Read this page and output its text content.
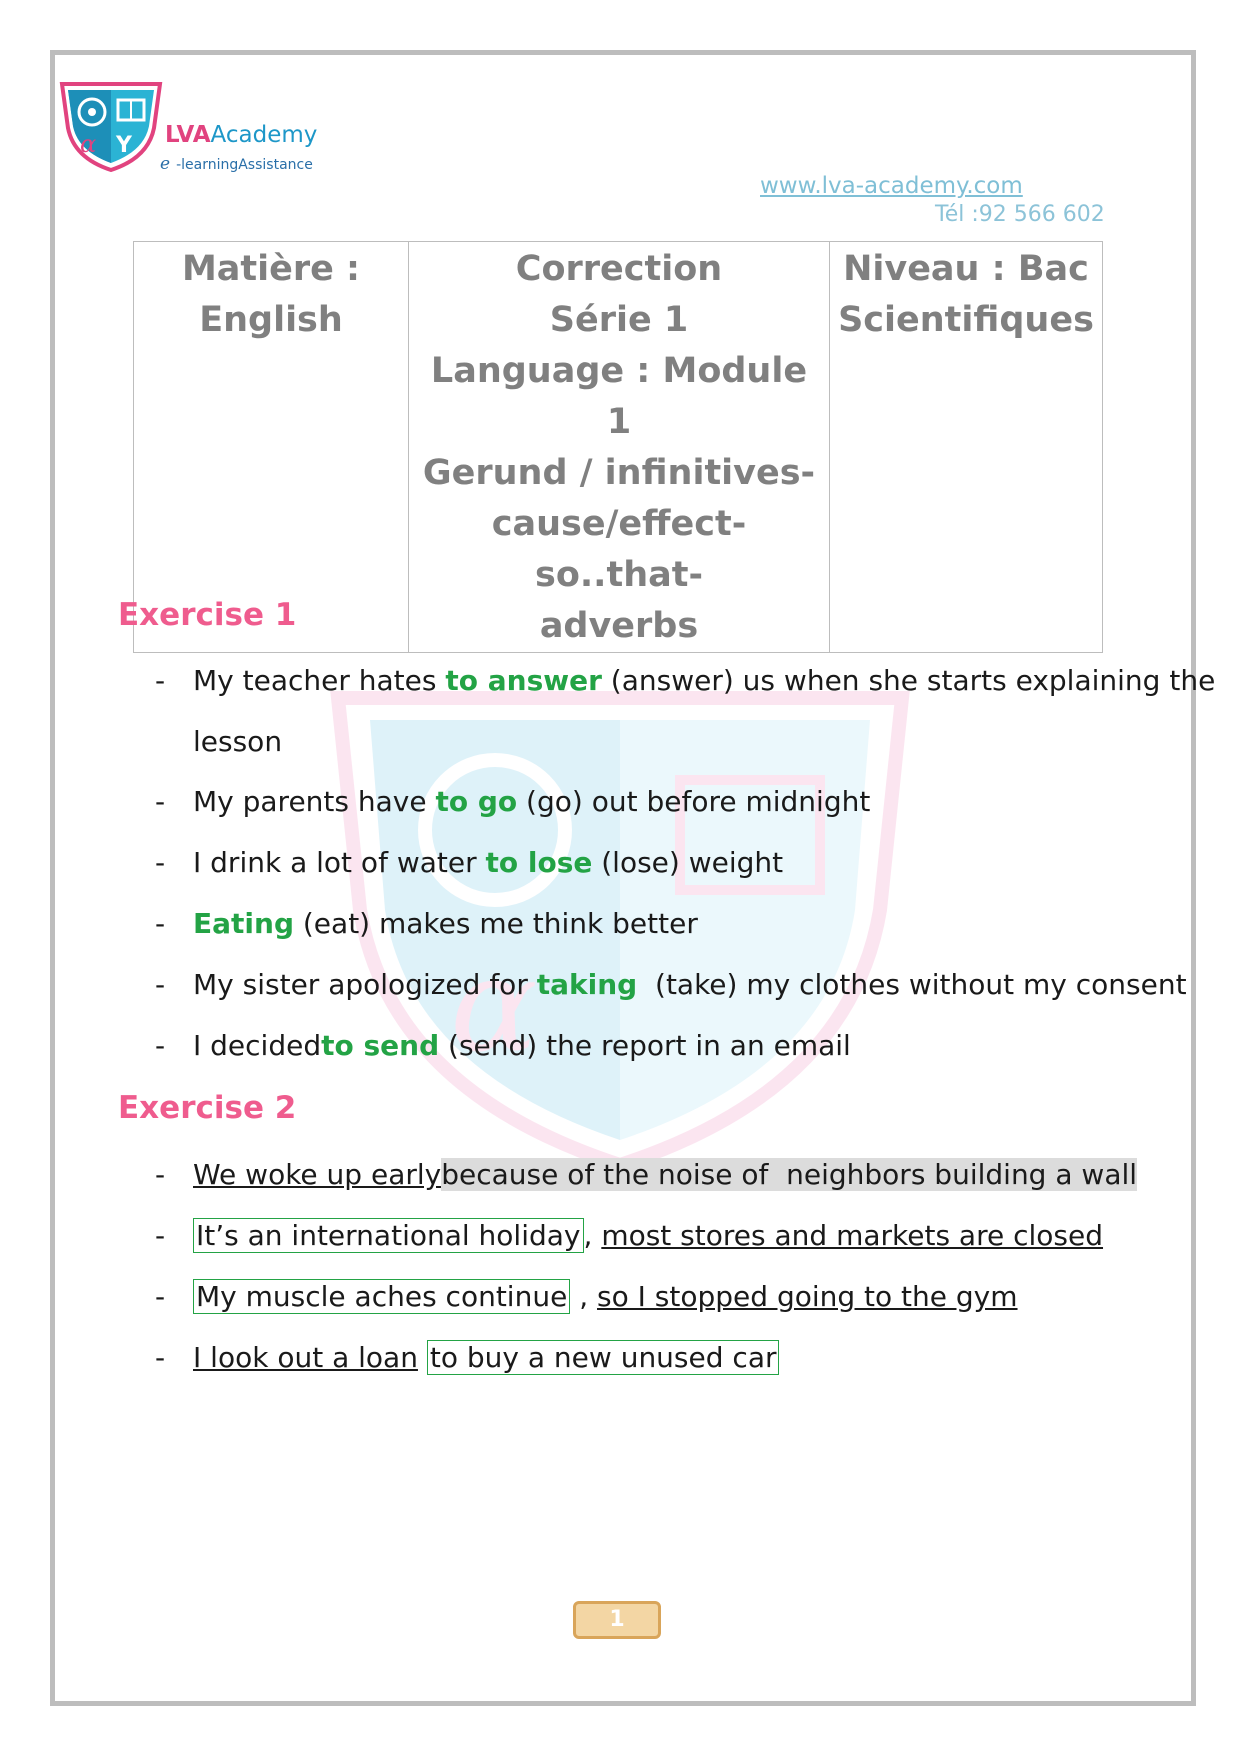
α Y LVAAcademy
e -learningAssistance
www.lva-academy.com
Tél :92 566 602
Matière :
English

Correction
Série 1
Language : Module 1
Gerund / infinitives-
cause/effect- so..that-
adverbs

Niveau : Bac
Scientifiques
α
Exercise 1
- My teacher hates to answer (answer) us when she starts explaining the
lesson
- My parents have to go (go) out before midnight
- I drink a lot of water to lose (lose) weight
- Eating (eat) makes me think better
- My sister apologized for taking  (take) my clothes without my consent
- I decidedto send (send) the report in an email
Exercise 2
- We woke up earlybecause of the noise of  neighbors building a wall
- It’s an international holiday , most stores and markets are closed
- My muscle aches continue , so I stopped going to the gym
- I look out a loan to buy a new unused car
1
